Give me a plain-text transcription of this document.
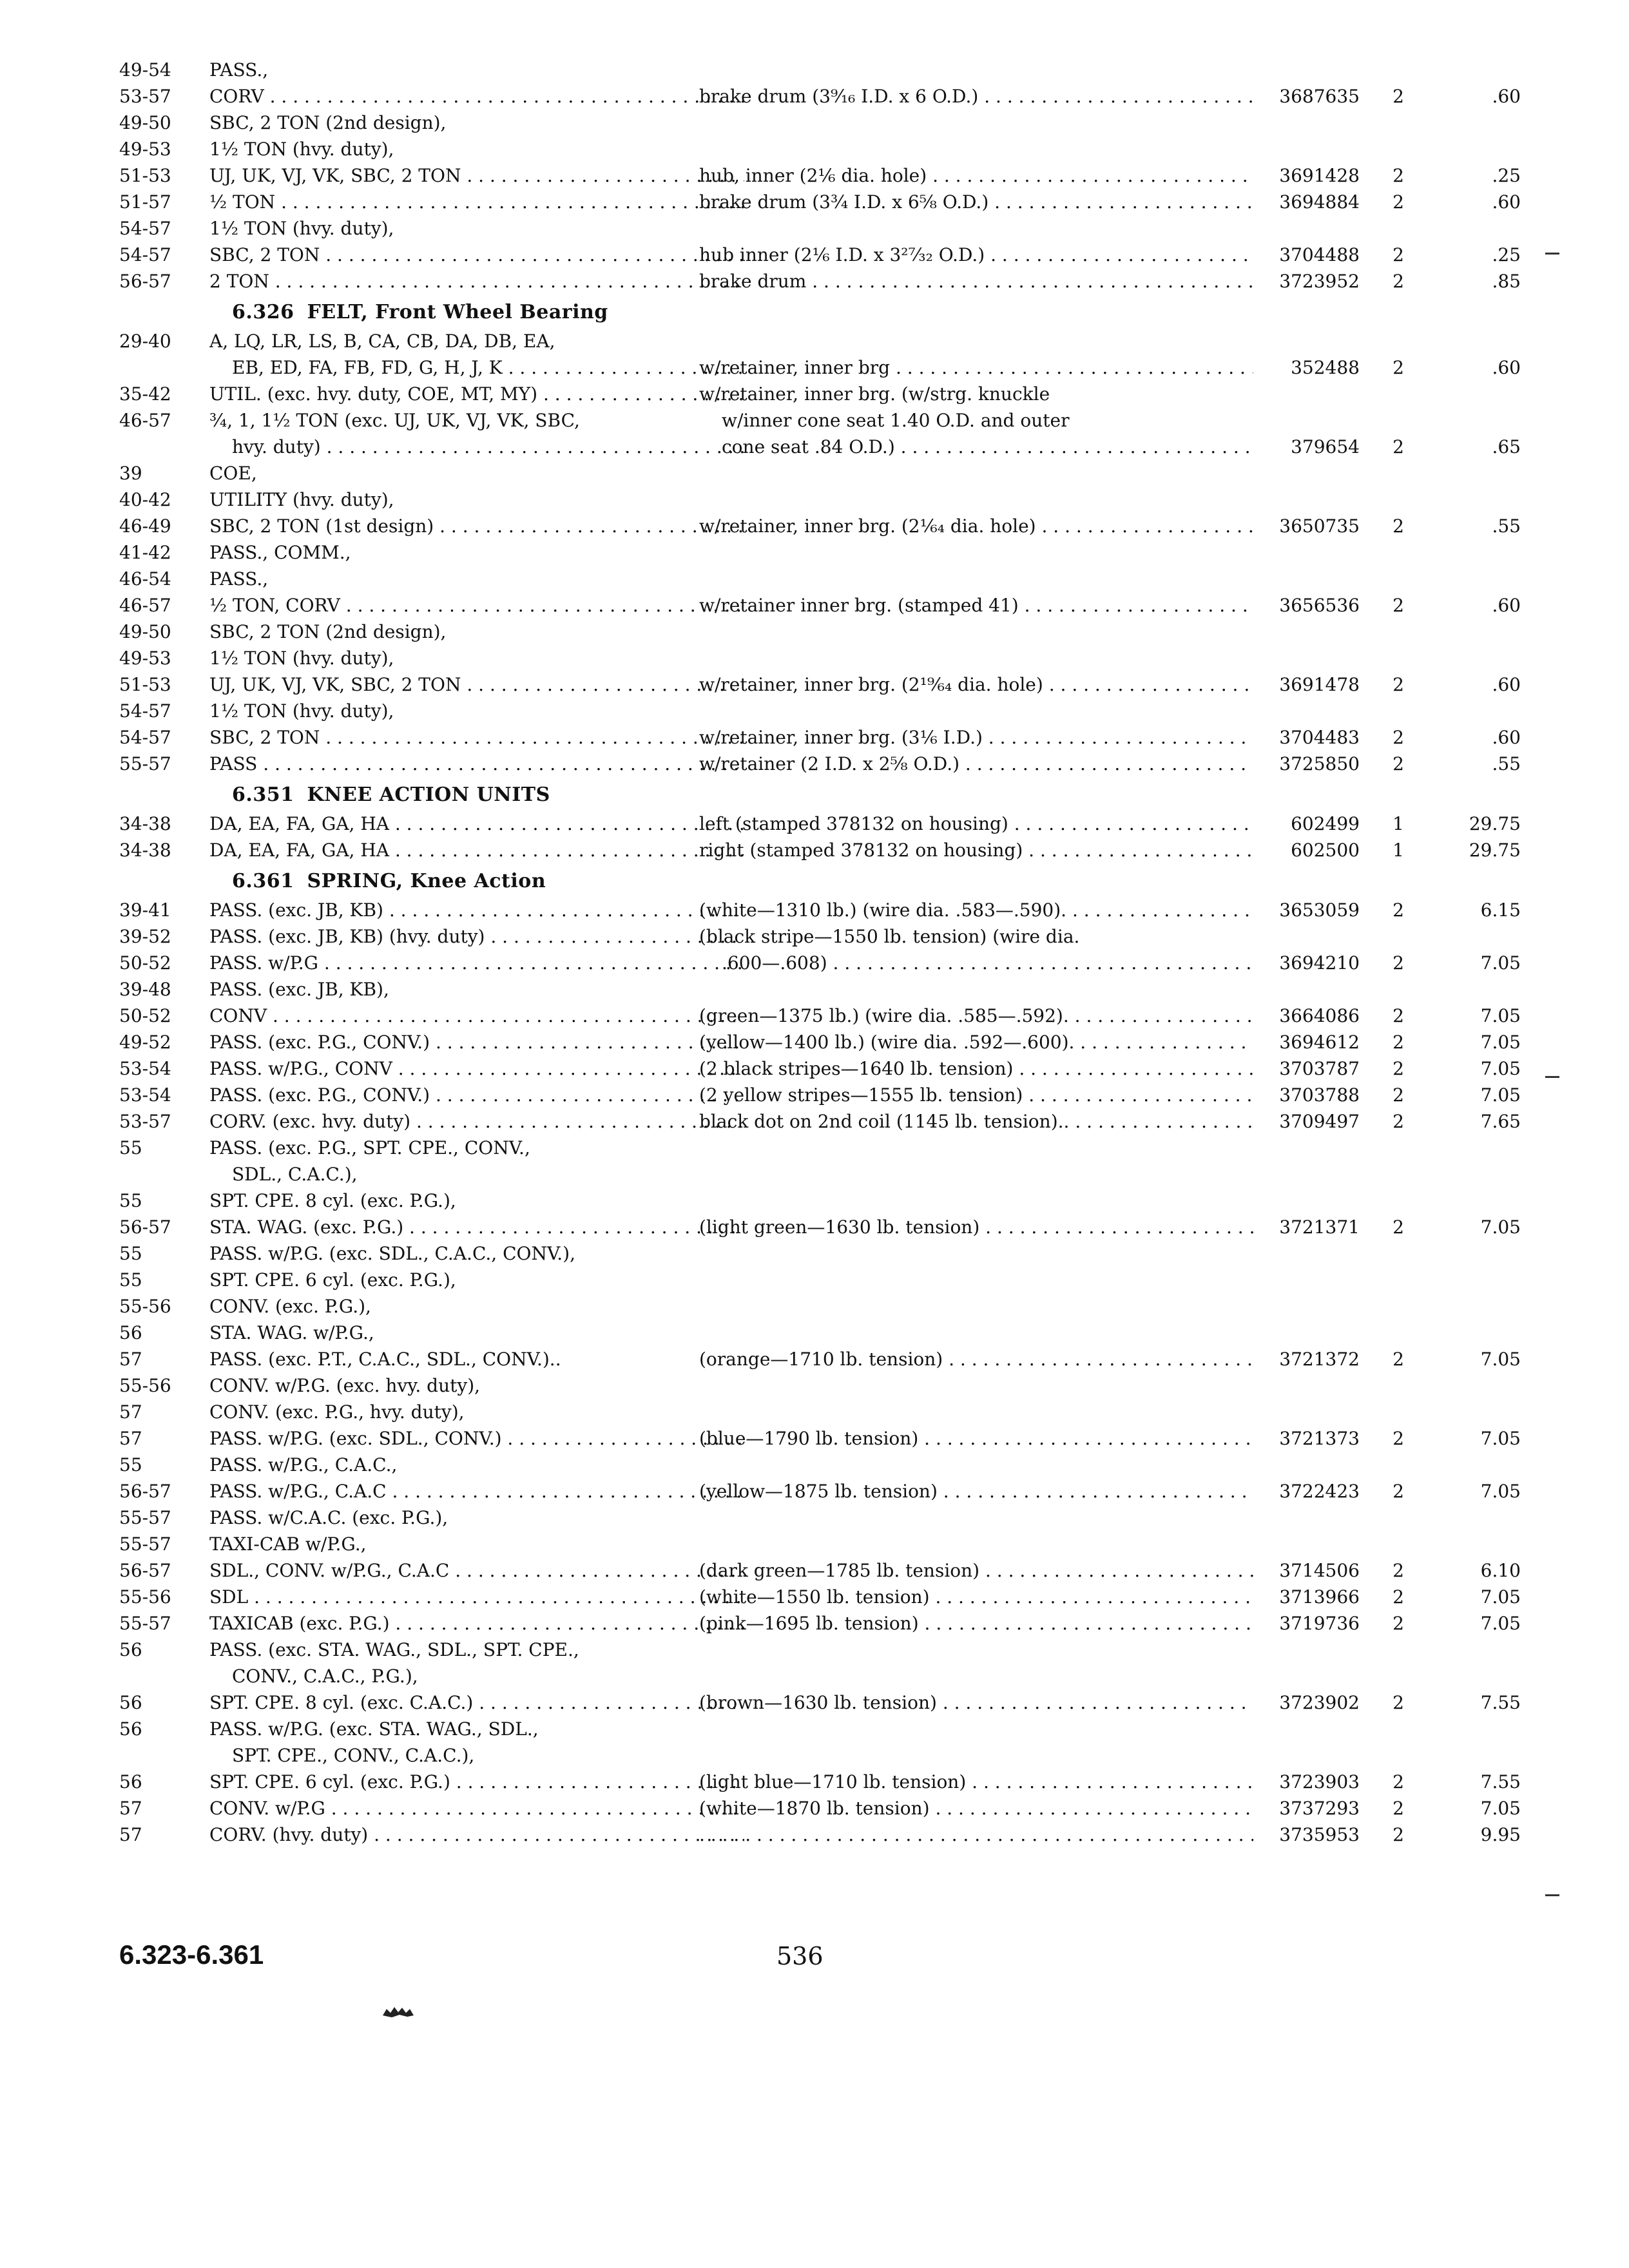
49-54 PASS.,
53-57 CORV . . .	brake drum (3⁹⁄₁₆ I.D. x 6 O.D.) . . .	3687635	2	.60
49-50 SBC, 2 TON (2nd design),
49-53 1½ TON (hvy. duty),
51-53 UJ, UK, VJ, VK, SBC, 2 TON . . .	hub, inner (2⅙ dia. hole) . . .	3691428	2	.25
51-57 ½ TON . . .	brake drum (3¾ I.D. x 6⅝ O.D.) . . .	3694884	2	.60
54-57 1½ TON (hvy. duty),
54-57 SBC, 2 TON . . .	hub inner (2⅙ I.D. x 3²⁷⁄₃₂ O.D.) . . .	3704488	2	.25
56-57 2 TON . . .	brake drum . . .	3723952	2	.85
6.326 FELT, Front Wheel Bearing
29-40 A, LQ, LR, LS, B, CA, CB, DA, DB, EA,
EB, ED, FA, FB, FD, G, H, J, K . . .	w/retainer, inner brg . . .	352488	2	.60
35-42 UTIL. (exc. hvy. duty, COE, MT, MY) . . .	w/retainer, inner brg. (w/strg. knuckle
46-57 ¾, 1, 1½ TON (exc. UJ, UK, VJ, VK, SBC,	w/inner cone seat 1.40 O.D. and outer
hvy. duty) . . .	cone seat .84 O.D.) . . .	379654	2	.65
39	COE,
40-42 UTILITY (hvy. duty),
46-49 SBC, 2 TON (1st design) . . .	w/retainer, inner brg. (2¹⁄₆₄ dia. hole) . . .	3650735	2	.55
41-42 PASS., COMM.,
46-54 PASS.,
46-57 ½ TON, CORV . . .	w/retainer inner brg. (stamped 41) . . .	3656536	2	.60
49-50 SBC, 2 TON (2nd design),
49-53 1½ TON (hvy. duty),
51-53 UJ, UK, VJ, VK, SBC, 2 TON . . .	w/retainer, inner brg. (2¹⁹⁄₆₄ dia. hole) . . .	3691478	2	.60
54-57 1½ TON (hvy. duty),
54-57 SBC, 2 TON . . .	w/retainer, inner brg. (3⅙ I.D.) . . .	3704483	2	.60
55-57 PASS . . .	w/retainer (2 I.D. x 2⅝ O.D.) . . .	3725850	2	.55
6.351 KNEE ACTION UNITS
34-38 DA, EA, FA, GA, HA . . .	left (stamped 378132 on housing) . . .	602499	1	29.75
34-38 DA, EA, FA, GA, HA . . .	right (stamped 378132 on housing) . . .	602500	1	29.75
6.361 SPRING, Knee Action
39-41 PASS. (exc. JB, KB) . . .	(white—1310 lb.) (wire dia. .583—.590). . . .	3653059	2	6.15
39-52 PASS. (exc. JB, KB) (hvy. duty) . . .	(black stripe—1550 lb. tension) (wire dia.
50-52 PASS. w/P.G . . .	.600—.608) . . .	3694210	2	7.05
39-48 PASS. (exc. JB, KB),
50-52 CONV . . .	(green—1375 lb.) (wire dia. .585—.592). . . .	3664086	2	7.05
49-52 PASS. (exc. P.G., CONV.) . . .	(yellow—1400 lb.) (wire dia. .592—.600). . . .	3694612	2	7.05
53-54 PASS. w/P.G., CONV . . .	(2 black stripes—1640 lb. tension) . . .	3703787	2	7.05
53-54 PASS. (exc. P.G., CONV.) . . .	(2 yellow stripes—1555 lb. tension) . . .	3703788	2	7.05
53-57 CORV. (exc. hvy. duty) . . .	black dot on 2nd coil (1145 lb. tension).. . . .	3709497	2	7.65
55	PASS. (exc. P.G., SPT. CPE., CONV.,
SDL., C.A.C.),
55	SPT. CPE. 8 cyl. (exc. P.G.),
56-57 STA. WAG. (exc. P.G.) . . .	(light green—1630 lb. tension) . . .	3721371	2	7.05
55	PASS. w/P.G. (exc. SDL., C.A.C., CONV.),
55	SPT. CPE. 6 cyl. (exc. P.G.),
55-56 CONV. (exc. P.G.),
56	STA. WAG. w/P.G.,
57	PASS. (exc. P.T., C.A.C., SDL., CONV.)..	(orange—1710 lb. tension) . . .	3721372	2	7.05
55-56 CONV. w/P.G. (exc. hvy. duty),
57	CONV. (exc. P.G., hvy. duty),
57	PASS. w/P.G. (exc. SDL., CONV.) . . .	(blue—1790 lb. tension) . . .	3721373	2	7.05
55	PASS. w/P.G., C.A.C.,
56-57 PASS. w/P.G., C.A.C . . .	(yellow—1875 lb. tension) . . .	3722423	2	7.05
55-57 PASS. w/C.A.C. (exc. P.G.),
55-57 TAXI-CAB w/P.G.,
56-57 SDL., CONV. w/P.G., C.A.C . . .	(dark green—1785 lb. tension) . . .	3714506	2	6.10
55-56 SDL . . .	(white—1550 lb. tension) . . .	3713966	2	7.05
55-57 TAXICAB (exc. P.G.) . . .	(pink—1695 lb. tension) . . .	3719736	2	7.05
56	PASS. (exc. STA. WAG., SDL., SPT. CPE.,
CONV., C.A.C., P.G.),
56	SPT. CPE. 8 cyl. (exc. C.A.C.) . . .	(brown—1630 lb. tension) . . .	3723902	2	7.55
56	PASS. w/P.G. (exc. STA. WAG., SDL.,
SPT. CPE., CONV., C.A.C.),
56	SPT. CPE. 6 cyl. (exc. P.G.) . . .	(light blue—1710 lb. tension) . . .	3723903	2	7.55
57	CONV. w/P.G . . .	(white—1870 lb. tension) . . .	3737293	2	7.05
57	CORV. (hvy. duty) . . .
. . .	3735953	2	9.95
6.323-6.361	536
